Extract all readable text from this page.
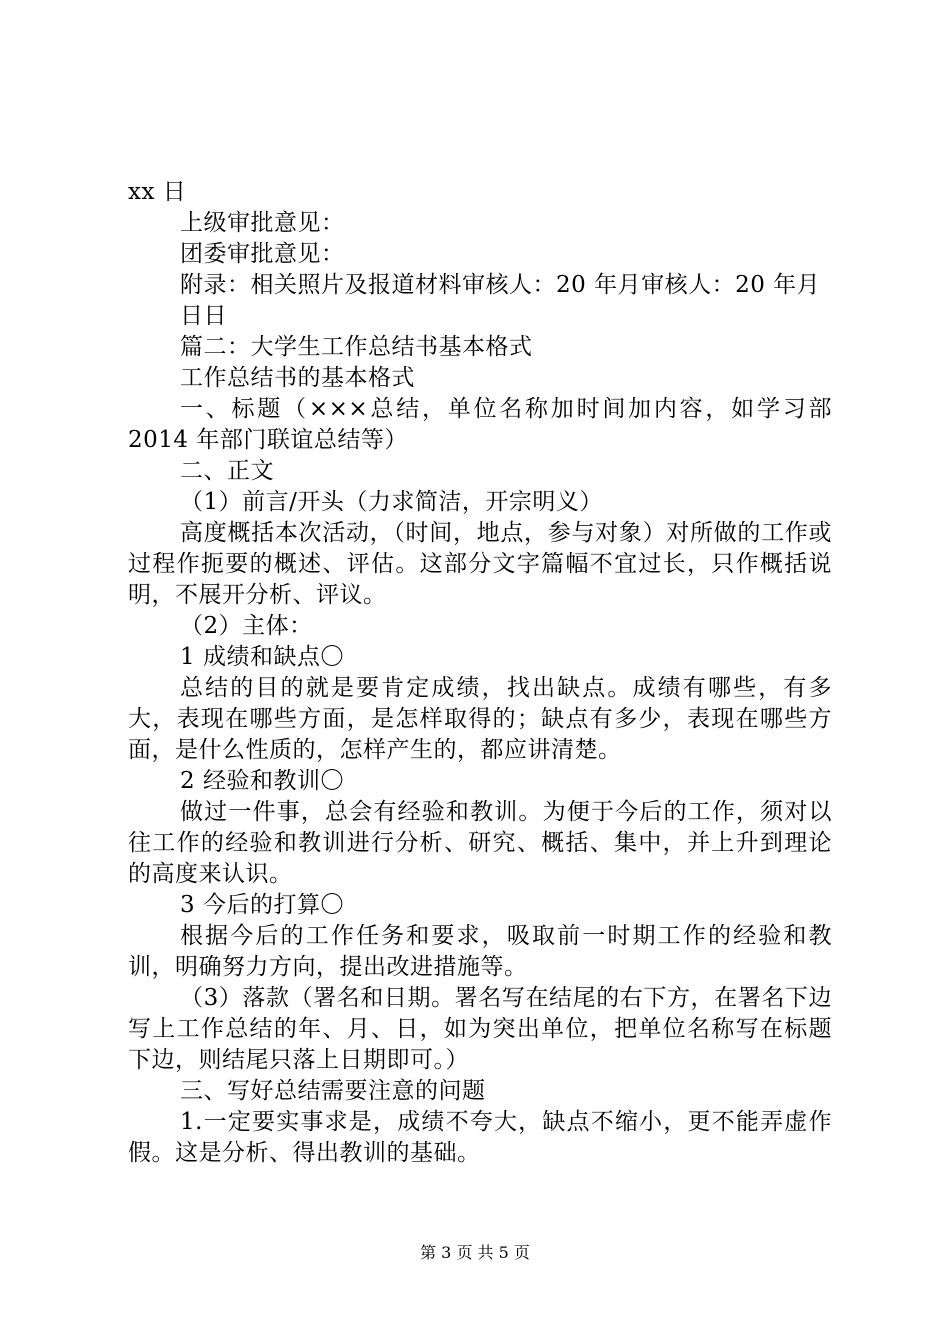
xx 日

上级审批意见：

团委审批意见：

附录：相关照片及报道材料审核人：20 年月审核人：20 年月

日日

篇二：大学生工作总结书基本格式

工作总结书的基本格式

一、标题（×××总结，单位名称加时间加内容，如学习部 2014 年部门联谊总结等）

二、正文

（1）前言/开头（力求简洁，开宗明义）

高度概括本次活动，（时间，地点，参与对象）对所做的工作或过程作扼要的概述、评估。这部分文字篇幅不宜过长，只作概括说明，不展开分析、评议。

（2）主体：

1 成绩和缺点〇

总结的目的就是要肯定成绩，找出缺点。成绩有哪些，有多大，表现在哪些方面，是怎样取得的；缺点有多少，表现在哪些方面，是什么性质的，怎样产生的，都应讲清楚。

2 经验和教训〇

做过一件事，总会有经验和教训。为便于今后的工作，须对以往工作的经验和教训进行分析、研究、概括、集中，并上升到理论的高度来认识。

3 今后的打算〇

根据今后的工作任务和要求，吸取前一时期工作的经验和教训，明确努力方向，提出改进措施等。

（3）落款（署名和日期。署名写在结尾的右下方，在署名下边写上工作总结的年、月、日，如为突出单位，把单位名称写在标题下边，则结尾只落上日期即可。）

三、写好总结需要注意的问题

1.一定要实事求是，成绩不夸大，缺点不缩小，更不能弄虚作假。这是分析、得出教训的基础。

第 3 页 共 5 页
